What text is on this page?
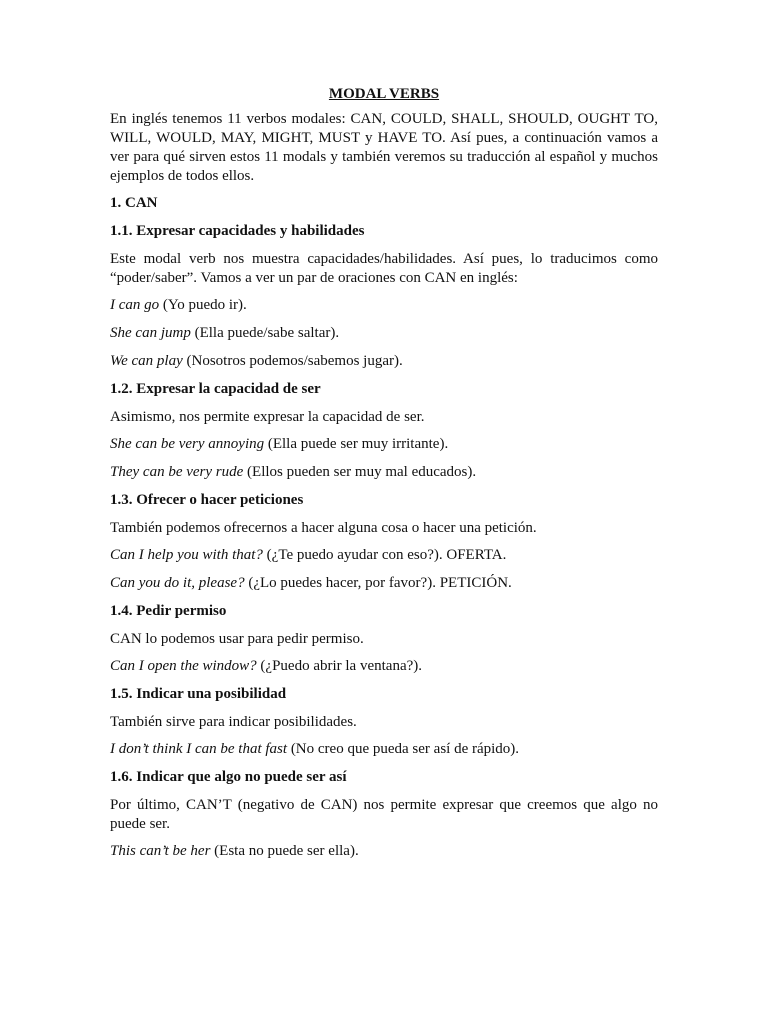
MODAL VERBS

En inglés tenemos 11 verbos modales: CAN, COULD, SHALL, SHOULD, OUGHT TO, WILL, WOULD, MAY, MIGHT, MUST y HAVE TO. Así pues, a continuación vamos a ver para qué sirven estos 11 modals y también veremos su traducción al español y muchos ejemplos de todos ellos.

1. CAN
1.1. Expresar capacidades y habilidades

Este modal verb nos muestra capacidades/habilidades. Así pues, lo traducimos como “poder/saber”. Vamos a ver un par de oraciones con CAN en inglés:

I can go (Yo puedo ir).

She can jump (Ella puede/sabe saltar).

We can play (Nosotros podemos/sabemos jugar).

1.2. Expresar la capacidad de ser

Asimismo, nos permite expresar la capacidad de ser.

She can be very annoying (Ella puede ser muy irritante).

They can be very rude (Ellos pueden ser muy mal educados).

1.3. Ofrecer o hacer peticiones

También podemos ofrecernos a hacer alguna cosa o hacer una petición.

Can I help you with that? (¿Te puedo ayudar con eso?). OFERTA.

Can you do it, please? (¿Lo puedes hacer, por favor?). PETICIÓN.

1.4. Pedir permiso

CAN lo podemos usar para pedir permiso.

Can I open the window? (¿Puedo abrir la ventana?).

1.5. Indicar una posibilidad

También sirve para indicar posibilidades.

I don’t think I can be that fast (No creo que pueda ser así de rápido).

1.6. Indicar que algo no puede ser así

Por último, CAN’T (negativo de CAN) nos permite expresar que creemos que algo no puede ser.

This can’t be her (Esta no puede ser ella).
